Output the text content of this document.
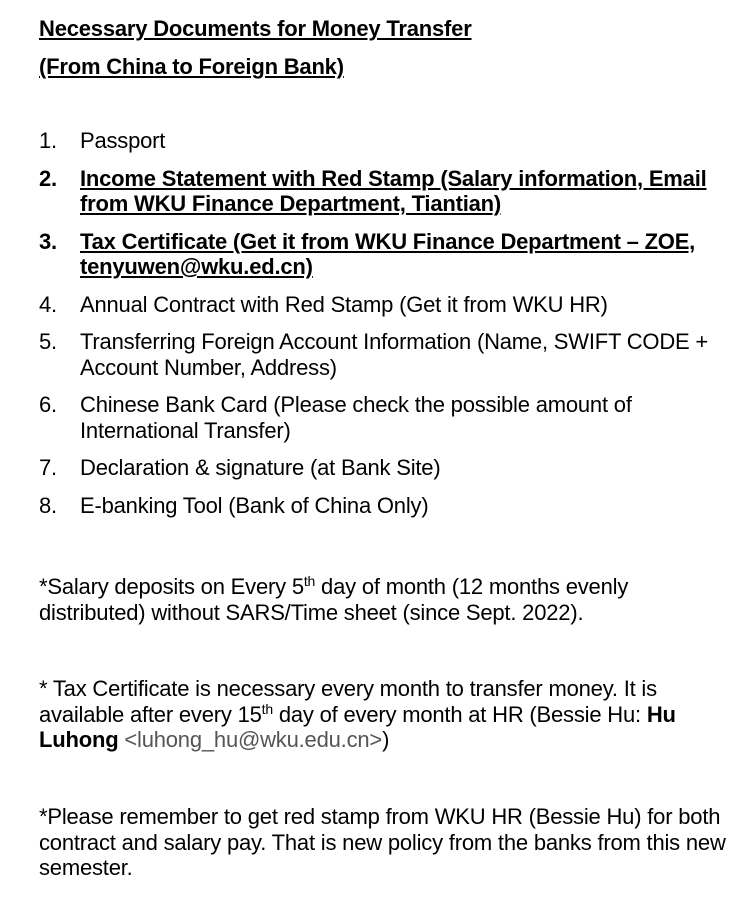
Necessary Documents for Money Transfer
(From China to Foreign Bank)
1.	Passport
2.	Income Statement with Red Stamp (Salary information, Email from WKU Finance Department, Tiantian)
3.	Tax Certificate (Get it from WKU Finance Department – ZOE, tenyuwen@wku.ed.cn)
4.	Annual Contract with Red Stamp (Get it from WKU HR)
5.	Transferring Foreign Account Information (Name, SWIFT CODE + Account Number, Address)
6.	Chinese Bank Card (Please check the possible amount of International Transfer)
7.	Declaration & signature (at Bank Site)
8.	E-banking Tool (Bank of China Only)
*Salary deposits on Every 5th day of month (12 months evenly distributed) without SARS/Time sheet (since Sept. 2022).
* Tax Certificate is necessary every month to transfer money. It is available after every 15th day of every month at HR (Bessie Hu: Hu Luhong <luhong_hu@wku.edu.cn>)
*Please remember to get red stamp from WKU HR (Bessie Hu) for both contract and salary pay. That is new policy from the banks from this new semester.
